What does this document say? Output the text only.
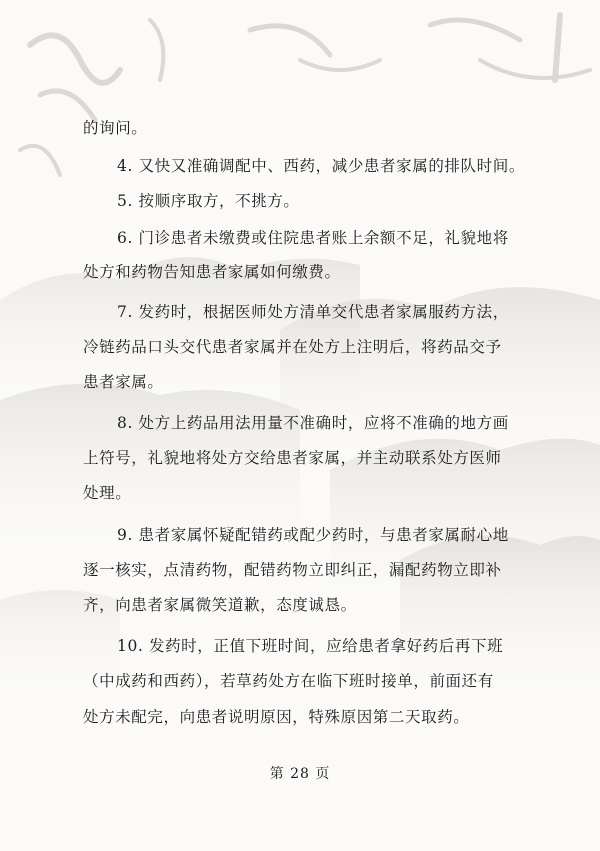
的询问。
4. 又快又准确调配中、西药，减少患者家属的排队时间。
5. 按顺序取方，不挑方。
6. 门诊患者未缴费或住院患者账上余额不足，礼貌地将
处方和药物告知患者家属如何缴费。
7. 发药时，根据医师处方清单交代患者家属服药方法，
冷链药品口头交代患者家属并在处方上注明后，将药品交予
患者家属。
8. 处方上药品用法用量不准确时，应将不准确的地方画
上符号，礼貌地将处方交给患者家属，并主动联系处方医师
处理。
9. 患者家属怀疑配错药或配少药时，与患者家属耐心地
逐一核实，点清药物，配错药物立即纠正，漏配药物立即补
齐，向患者家属微笑道歉，态度诚恳。
10. 发药时，正值下班时间，应给患者拿好药后再下班
（中成药和西药），若草药处方在临下班时接单，前面还有
处方未配完，向患者说明原因，特殊原因第二天取药。
第 28 页
